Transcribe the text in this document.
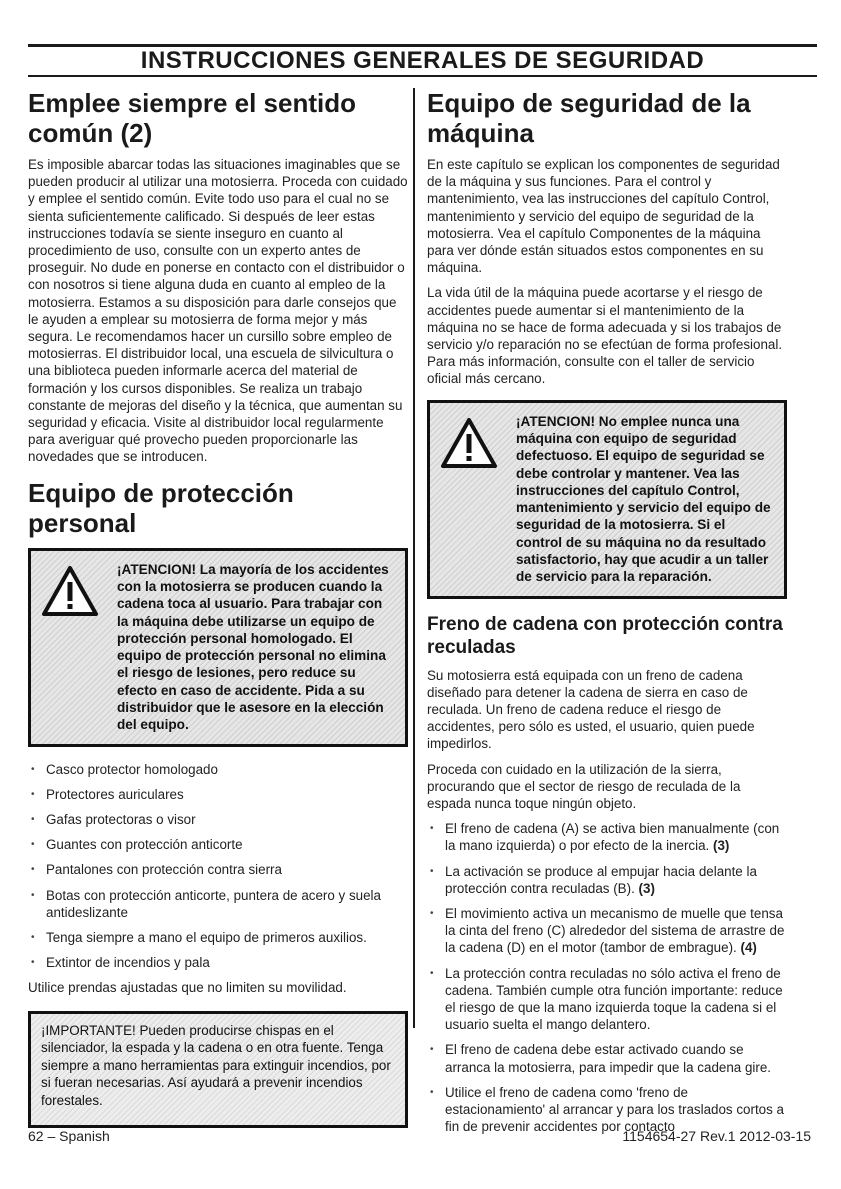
INSTRUCCIONES GENERALES DE SEGURIDAD
Emplee siempre el sentido común (2)

Es imposible abarcar todas las situaciones imaginables que se pueden producir al utilizar una motosierra. Proceda con cuidado y emplee el sentido común. Evite todo uso para el cual no se sienta suficientemente calificado. Si después de leer estas instrucciones todavía se siente inseguro en cuanto al procedimiento de uso, consulte con un experto antes de proseguir. No dude en ponerse en contacto con el distribuidor o con nosotros si tiene alguna duda en cuanto al empleo de la motosierra. Estamos a su disposición para darle consejos que le ayuden a emplear su motosierra de forma mejor y más segura. Le recomendamos hacer un cursillo sobre empleo de motosierras. El distribuidor local, una escuela de silvicultura o una biblioteca pueden informarle acerca del material de formación y los cursos disponibles. Se realiza un trabajo constante de mejoras del diseño y la técnica, que aumentan su seguridad y eficacia. Visite al distribuidor local regularmente para averiguar qué provecho pueden proporcionarle las novedades que se introducen.

Equipo de protección personal
¡ATENCION! La mayoría de los accidentes con la motosierra se producen cuando la cadena toca al usuario. Para trabajar con la máquina debe utilizarse un equipo de protección personal homologado. El equipo de protección personal no elimina el riesgo de lesiones, pero reduce su efecto en caso de accidente. Pida a su distribuidor que le asesore en la elección del equipo.
• Casco protector homologado
• Protectores auriculares
• Gafas protectoras o visor
• Guantes con protección anticorte
• Pantalones con protección contra sierra
• Botas con protección anticorte, puntera de acero y suela antideslizante
• Tenga siempre a mano el equipo de primeros auxilios.
• Extintor de incendios y pala

Utilice prendas ajustadas que no limiten su movilidad.

¡IMPORTANTE! Pueden producirse chispas en el silenciador, la espada y la cadena o en otra fuente. Tenga siempre a mano herramientas para extinguir incendios, por si fueran necesarias. Así ayudará a prevenir incendios forestales.
Equipo de seguridad de la máquina

En este capítulo se explican los componentes de seguridad de la máquina y sus funciones. Para el control y mantenimiento, vea las instrucciones del capítulo Control, mantenimiento y servicio del equipo de seguridad de la motosierra. Vea el capítulo Componentes de la máquina para ver dónde están situados estos componentes en su máquina.

La vida útil de la máquina puede acortarse y el riesgo de accidentes puede aumentar si el mantenimiento de la máquina no se hace de forma adecuada y si los trabajos de servicio y/o reparación no se efectúan de forma profesional. Para más información, consulte con el taller de servicio oficial más cercano.

¡ATENCION! No emplee nunca una máquina con equipo de seguridad defectuoso. El equipo de seguridad se debe controlar y mantener. Vea las instrucciones del capítulo Control, mantenimiento y servicio del equipo de seguridad de la motosierra. Si el control de su máquina no da resultado satisfactorio, hay que acudir a un taller de servicio para la reparación.
Freno de cadena con protección contra reculadas

Su motosierra está equipada con un freno de cadena diseñado para detener la cadena de sierra en caso de reculada. Un freno de cadena reduce el riesgo de accidentes, pero sólo es usted, el usuario, quien puede impedirlos.

Proceda con cuidado en la utilización de la sierra, procurando que el sector de riesgo de reculada de la espada nunca toque ningún objeto.

• El freno de cadena (A) se activa bien manualmente (con la mano izquierda) o por efecto de la inercia. (3)
• La activación se produce al empujar hacia delante la protección contra reculadas (B). (3)
• El movimiento activa un mecanismo de muelle que tensa la cinta del freno (C) alrededor del sistema de arrastre de la cadena (D) en el motor (tambor de embrague). (4)
• La protección contra reculadas no sólo activa el freno de cadena. También cumple otra función importante: reduce el riesgo de que la mano izquierda toque la cadena si el usuario suelta el mango delantero.
• El freno de cadena debe estar activado cuando se arranca la motosierra, para impedir que la cadena gire.
• Utilice el freno de cadena como 'freno de estacionamiento' al arrancar y para los traslados cortos a fin de prevenir accidentes por contacto
62 – Spanish	1154654-27 Rev.1 2012-03-15
